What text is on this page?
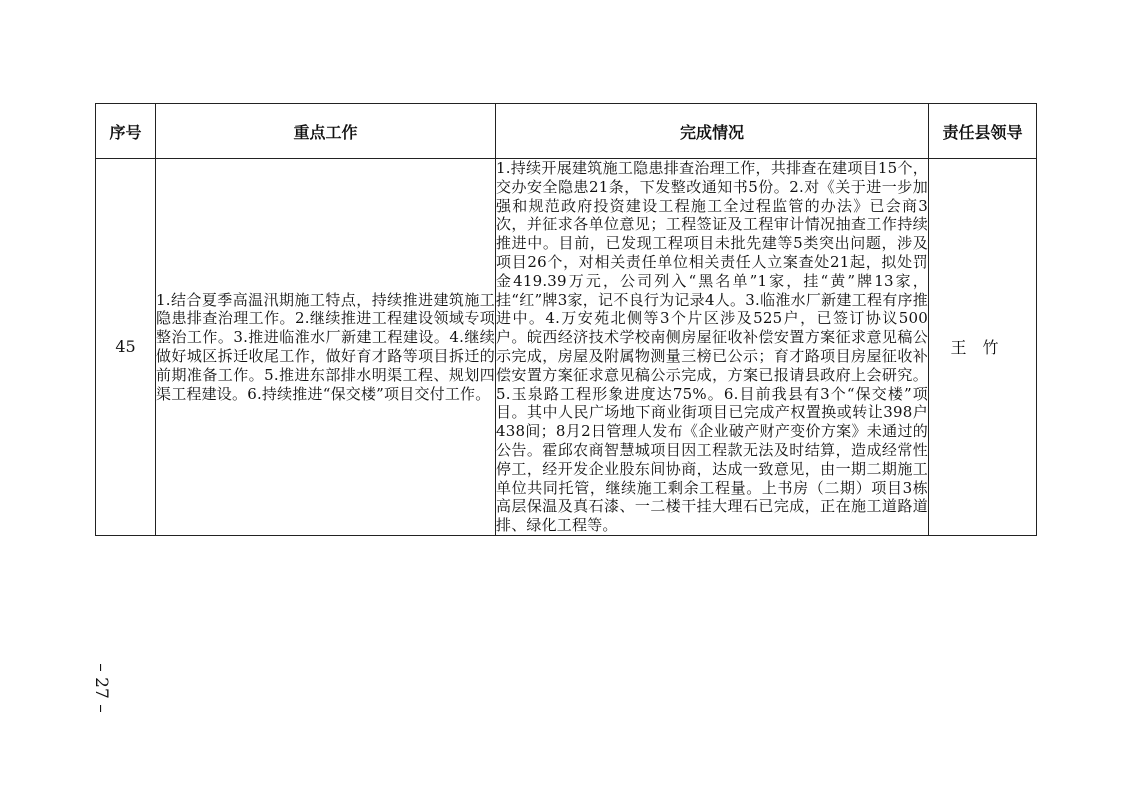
序号	重点工作	完成情况	责任县领导
45	1.结合夏季高温汛期施工特点，持续推进建筑施工隐患排查治理工作。2.继续推进工程建设领域专项整治工作。3.推进临淮水厂新建工程建设。4.继续做好城区拆迁收尾工作，做好育才路等项目拆迁的前期准备工作。5.推进东部排水明渠工程、规划四渠工程建设。6.持续推进“保交楼”项目交付工作。	1.持续开展建筑施工隐患排查治理工作，共排查在建项目15个，交办安全隐患21条，下发整改通知书5份。2.对《关于进一步加强和规范政府投资建设工程施工全过程监管的办法》已会商3次，并征求各单位意见；工程签证及工程审计情况抽查工作持续推进中。目前，已发现工程项目未批先建等5类突出问题，涉及项目26个，对相关责任单位相关责任人立案查处21起，拟处罚金419.39万元，公司列入“黑名单”1家，挂“黄”牌13家，挂“红”牌3家，记不良行为记录4人。3.临淮水厂新建工程有序推进中。4.万安苑北侧等3个片区涉及525户，已签订协议500户。皖西经济技术学校南侧房屋征收补偿安置方案征求意见稿公示完成，房屋及附属物测量三榜已公示；育才路项目房屋征收补偿安置方案征求意见稿公示完成，方案已报请县政府上会研究。5.玉泉路工程形象进度达75%。6.目前我县有3个“保交楼”项目。其中人民广场地下商业街项目已完成产权置换或转让398户438间；8月2日管理人发布《企业破产财产变价方案》未通过的公告。霍邱农商智慧城项目因工程款无法及时结算，造成经常性停工，经开发企业股东间协商，达成一致意见，由一期二期施工单位共同托管，继续施工剩余工程量。上书房（二期）项目3栋高层保温及真石漆、一二楼干挂大理石已完成，正在施工道路道排、绿化工程等。	王竹
– 27 –
